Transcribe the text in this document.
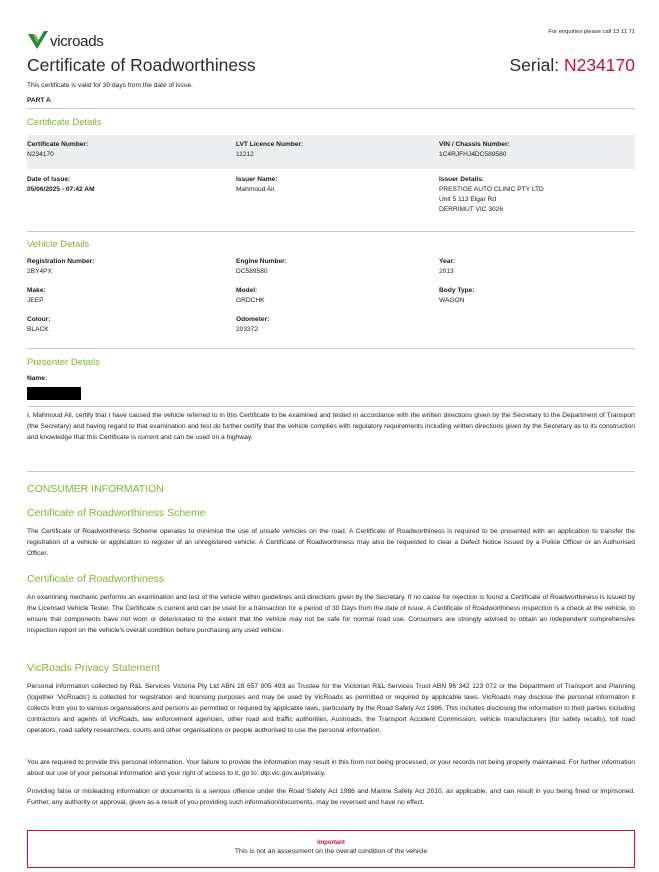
vicroads
For enquiries please call 13 11 71
Certificate of Roadworthiness	Serial: N234170
This certificate is valid for 30 days from the date of issue.
PART A
Certificate Details
Certificate Number:
N234170
LVT Licence Number:
11212
VIN / Chassis Number:
1C4RJFHJ4DC589580
Date of Issue:
05/06/2025 - 07:42 AM
Issuer Name:
Mahmoud Ali
Issuer Details:
PRESTIGE AUTO CLINIC PTY LTD
Unit 5 113 Elgar Rd
DERRIMUT VIC 3026
Vehicle Details
Registration Number:
2BY4PX
Engine Number:
DC589580
Year:
2013
Make:
JEEP
Model:
GRDCHK
Body Type:
WAGON
Colour:
BLACK
Odometer:
203372
Presenter Details
Name:
I, Mahmoud Ali, certify that I have caused the vehicle referred to in this Certificate to be examined and tested in accordance with the written directions given by the Secretary to the Department of Transport (the Secretary) and having regard to that examination and test do further certify that the vehicle complies with regulatory requirements including written directions given by the Secretary as to its construction and knowledge that this Certificate is current and can be used on a highway.
CONSUMER INFORMATION
Certificate of Roadworthiness Scheme
The Certificate of Roadworthiness Scheme operates to minimise the use of unsafe vehicles on the road. A Certificate of Roadworthiness is required to be presented with an application to transfer the registration of a vehicle or application to register of an unregistered vehicle. A Certificate of Roadworthiness may also be requested to clear a Defect Notice Issued by a Police Officer or an Authorised Officer.
Certificate of Roadworthiness
An examining mechanic performs an examination and test of the vehicle within guidelines and directions given by the Secretary. If no cause for rejection is found a Certificate of Roadworthiness is issued by the Licensed Vehicle Tester. The Certificate is current and can be used for a transaction for a period of 30 Days from the date of issue. A Certificate of Roadworthiness inspection is a check at the vehicle, to ensure that components have not worn or deteriorated to the extent that the vehicle may not be safe for normal road use. Consumers are strongly advised to obtain an independent comprehensive inspection report on the vehicle's overall condition before purchasing any used vehicle.
VicRoads Privacy Statement
Personal information collected by R&L Services Victoria Pty Ltd ABN 28 657 005 493 as Trustee for the Victorian R&L Services Trust ABN 96 342 123 072 or the Department of Transport and Planning (together 'VicRoads') is collected for registration and licensing purposes and may be used by VicRoads as permitted or required by applicable laws. VicRoads may disclose the personal information it collects from you to various organisations and persons as permitted or required by applicable laws, particularly by the Road Safety Act 1986. This includes disclosing the information to third parties including contractors and agents of VicRoads, law enforcement agencies, other road and traffic authorities, Austroads, the Transport Accident Commission, vehicle manufacturers (for safety recalls), toll road operators, road safety researchers, courts and other organisations or people authorised to use the personal information.
You are required to provide this personal information. Your failure to provide the information may result in this form not being processed, or your records not being properly maintained. For further information about our use of your personal information and your right of access to it, go to: dtp.vic.gov.au/privacy.
Providing false or misleading information or documents is a serious offence under the Road Safety Act 1986 and Marine Safety Act 2010, as applicable, and can result in you being fined or imprisoned. Further, any authority or approval, given as a result of you providing such information/documents, may be reversed and have no effect.
Important
This is not an assessment on the overall condition of the vehicle
